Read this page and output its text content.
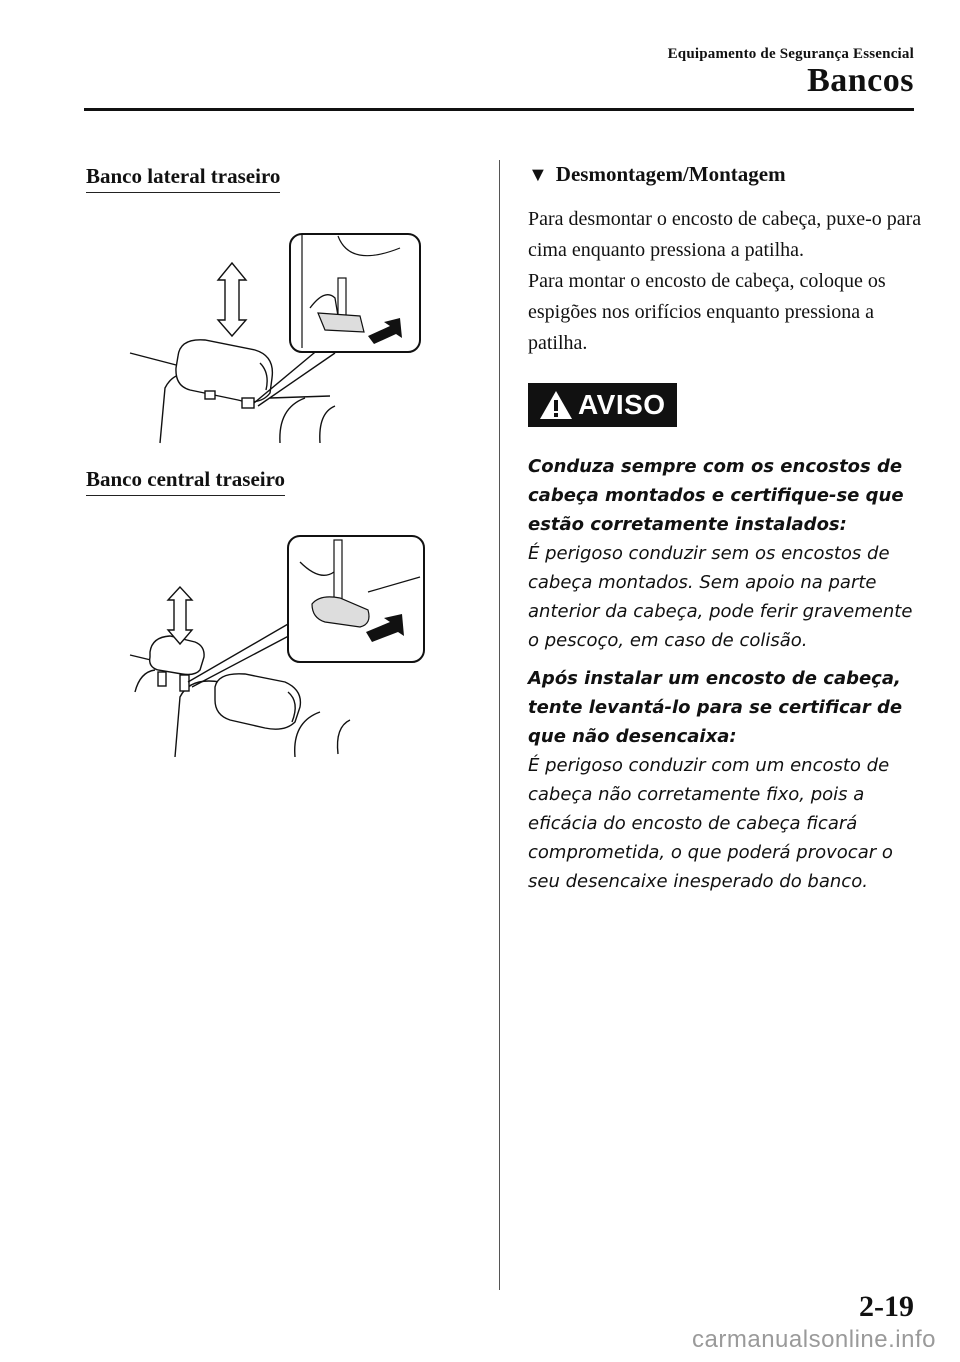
Equipamento de Segurança Essencial
Bancos
Banco lateral traseiro
Banco central traseiro
▼ Desmontagem/Montagem

Para desmontar o encosto de cabeça, puxe-o para cima enquanto pressiona a patilha.

Para montar o encosto de cabeça, coloque os espigões nos orifícios enquanto pressiona a patilha.

AVISO

Conduza sempre com os encostos de cabeça montados e certifique-se que estão corretamente instalados:

É perigoso conduzir sem os encostos de cabeça montados. Sem apoio na parte anterior da cabeça, pode ferir gravemente o pescoço, em caso de colisão.

Após instalar um encosto de cabeça, tente levantá-lo para se certificar de que não desencaixa:

É perigoso conduzir com um encosto de cabeça não corretamente fixo, pois a eficácia do encosto de cabeça ficará comprometida, o que poderá provocar o seu desencaixe inesperado do banco.

2-19
carmanualsonline.info
